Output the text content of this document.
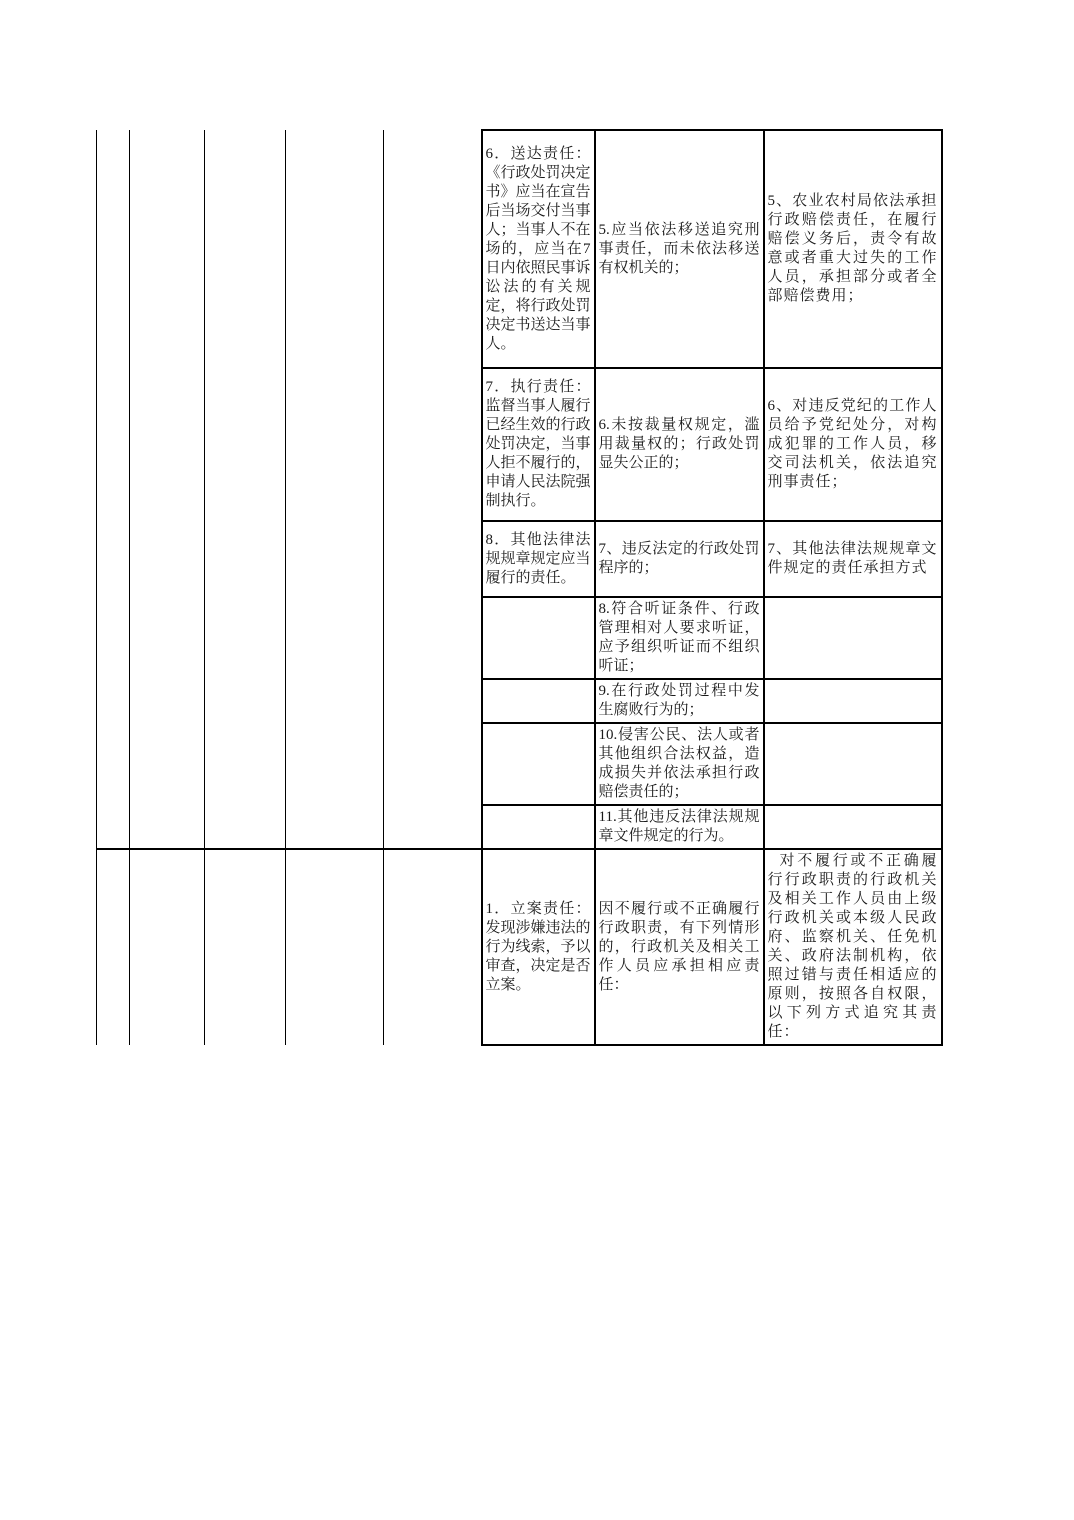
					6．送达责任：《行政处罚决定书》应当在宣告后当场交付当事人；当事人不在场的，应当在7日内依照民事诉讼法的有关规定，将行政处罚决定书送达当事人。	5.应当依法移送追究刑事责任，而未依法移送有权机关的；	5、农业农村局依法承担行政赔偿责任，在履行赔偿义务后，责令有故意或者重大过失的工作人员，承担部分或者全部赔偿费用；
					7．执行责任：监督当事人履行已经生效的行政处罚决定，当事人拒不履行的，申请人民法院强制执行。	6.未按裁量权规定，滥用裁量权的；行政处罚显失公正的；	6、对违反党纪的工作人员给予党纪处分，对构成犯罪的工作人员，移交司法机关，依法追究刑事责任；
					8．其他法律法规规章规定应当履行的责任。	7、违反法定的行政处罚程序的；	7、其他法律法规规章文件规定的责任承担方式
						8.符合听证条件、行政管理相对人要求听证，应予组织听证而不组织听证；	
						9.在行政处罚过程中发生腐败行为的；	
						10.侵害公民、法人或者其他组织合法权益，造成损失并依法承担行政赔偿责任的；	
						11.其他违反法律法规规章文件规定的行为。	
					1．立案责任：发现涉嫌违法的行为线索，予以审查，决定是否立案。	因不履行或不正确履行行政职责，有下列情形的，行政机关及相关工作人员应承担相应责任：	对不履行或不正确履行行政职责的行政机关及相关工作人员由上级行政机关或本级人民政府、监察机关、任免机关、政府法制机构，依照过错与责任相适应的原则，按照各自权限，以下列方式追究其责任：
